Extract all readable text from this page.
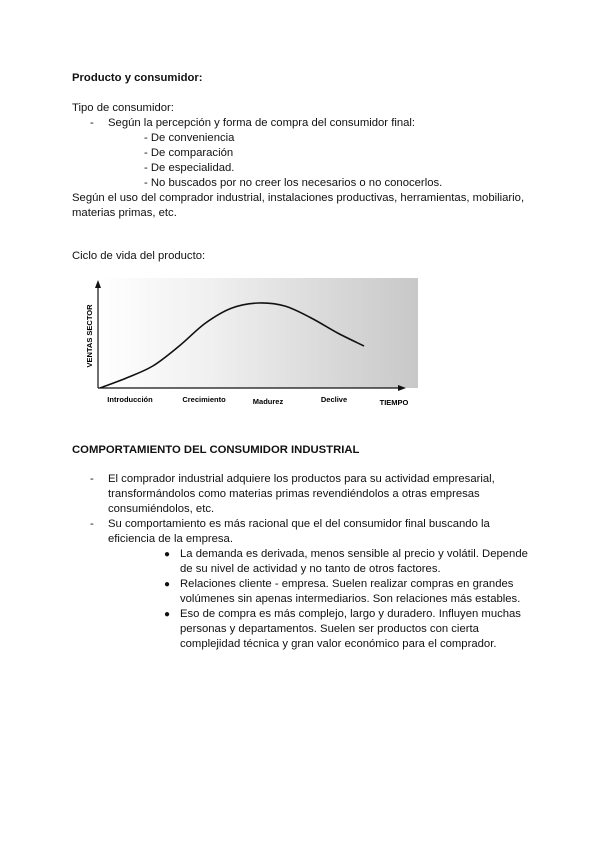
Producto y consumidor:
Tipo de consumidor:
- Según la percepción y forma de compra del consumidor final:
- De conveniencia
- De comparación
- De especialidad.
- No buscados por no creer los necesarios o no conocerlos.
Según el uso del comprador industrial, instalaciones productivas, herramientas, mobiliario,
materias primas, etc.
Ciclo de vida del producto:
VENTAS SECTOR
Introducción	Crecimiento	Madurez	Declive	TIEMPO
COMPORTAMIENTO DEL CONSUMIDOR INDUSTRIAL
- El comprador industrial adquiere los productos para su actividad empresarial,
transformándolos como materias primas revendiéndolos a otras empresas
consumiéndolos, etc.
- Su comportamiento es más racional que el del consumidor final buscando la
eficiencia de la empresa.
● La demanda es derivada, menos sensible al precio y volátil. Depende
de su nivel de actividad y no tanto de otros factores.
● Relaciones cliente - empresa. Suelen realizar compras en grandes
volúmenes sin apenas intermediarios. Son relaciones más estables.
● Eso de compra es más complejo, largo y duradero. Influyen muchas
personas y departamentos. Suelen ser productos con cierta
complejidad técnica y gran valor económico para el comprador.
